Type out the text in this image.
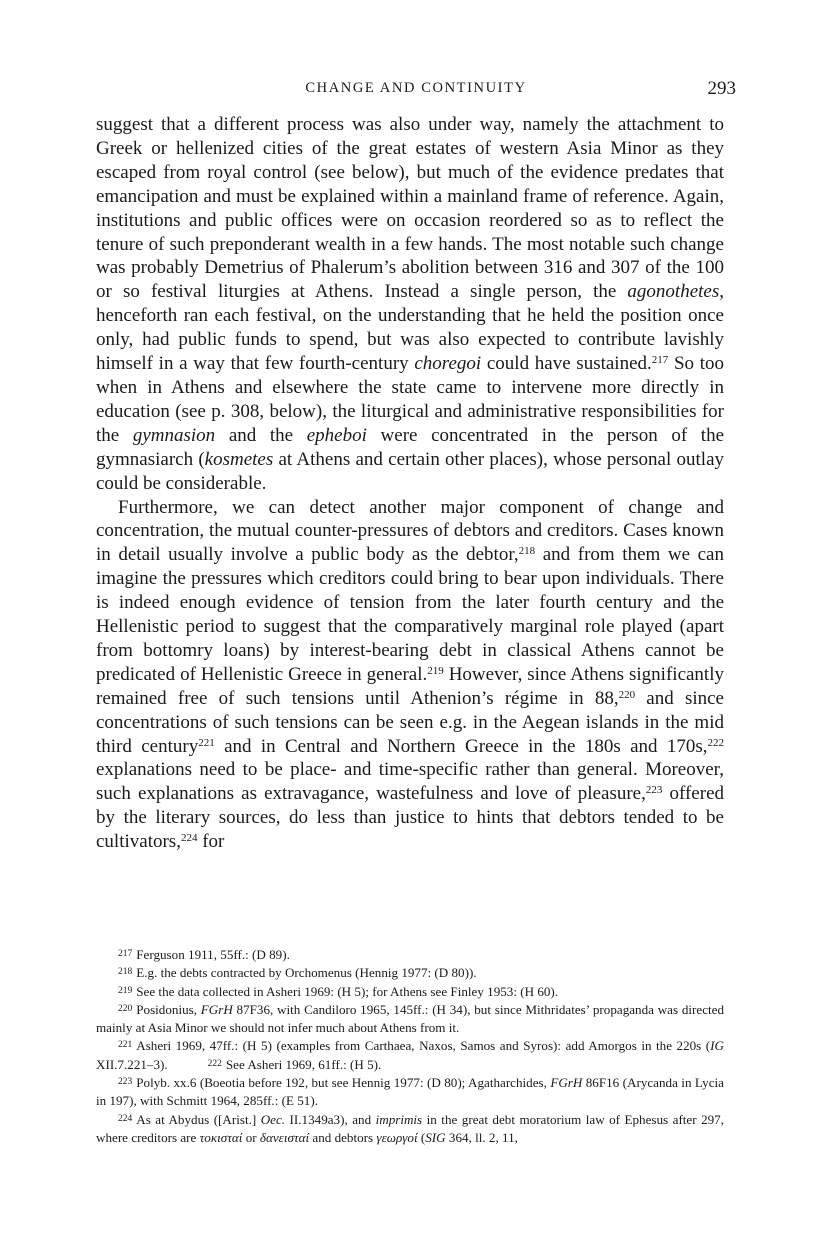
CHANGE AND CONTINUITY	293

suggest that a different process was also under way, namely the attachment to Greek or hellenized cities of the great estates of western Asia Minor as they escaped from royal control (see below), but much of the evidence predates that emancipation and must be explained within a mainland frame of reference. Again, institutions and public offices were on occasion reordered so as to reflect the tenure of such preponderant wealth in a few hands. The most notable such change was probably Demetrius of Phalerum’s abolition between 316 and 307 of the 100 or so festival liturgies at Athens. Instead a single person, the agonothetes, henceforth ran each festival, on the understanding that he held the position once only, had public funds to spend, but was also expected to contribute lavishly himself in a way that few fourth-century choregoi could have sustained.$^{217}$ So too when in Athens and elsewhere the state came to intervene more directly in education (see p. 308, below), the liturgical and administrative responsibilities for the gymnasion and the epheboi were concentrated in the person of the gymnasiarch (kosmetes at Athens and certain other places), whose personal outlay could be considerable.

Furthermore, we can detect another major component of change and concentration, the mutual counter-pressures of debtors and creditors. Cases known in detail usually involve a public body as the debtor,$^{218}$ and from them we can imagine the pressures which creditors could bring to bear upon individuals. There is indeed enough evidence of tension from the later fourth century and the Hellenistic period to suggest that the comparatively marginal role played (apart from bottomry loans) by interest-bearing debt in classical Athens cannot be predicated of Hellenistic Greece in general.$^{219}$ However, since Athens significantly remained free of such tensions until Athenion’s régime in 88,$^{220}$ and since concentrations of such tensions can be seen e.g. in the Aegean islands in the mid third century$^{221}$ and in Central and Northern Greece in the 180s and 170s,$^{222}$ explanations need to be place- and time-specific rather than general. Moreover, such explanations as extravagance, wastefulness and love of pleasure,$^{223}$ offered by the literary sources, do less than justice to hints that debtors tended to be cultivators,$^{224}$ for

$^{217}$ Ferguson 1911, 55ff.: (D 89).

$^{218}$ E.g. the debts contracted by Orchomenus (Hennig 1977: (D 80)).

$^{219}$ See the data collected in Asheri 1969: (H 5); for Athens see Finley 1953: (H 60).

$^{220}$ Posidonius, FGrH 87F36, with Candiloro 1965, 145ff.: (H 34), but since Mithridates’ propaganda was directed mainly at Asia Minor we should not infer much about Athens from it.

$^{221}$ Asheri 1969, 47ff.: (H 5) (examples from Carthaea, Naxos, Samos and Syros): add Amorgos in the 220s (IG XII.7.221–3).	$^{222}$ See Asheri 1969, 61ff.: (H 5).

$^{223}$ Polyb. xx.6 (Boeotia before 192, but see Hennig 1977: (D 80); Agatharchides, FGrH 86F16 (Arycanda in Lycia in 197), with Schmitt 1964, 285ff.: (E 51).

$^{224}$ As at Abydus ([Arist.] Oec. II.1349a3), and imprimis in the great debt moratorium law of Ephesus after 297, where creditors are τοκισταί or δανεισταί and debtors γεωργοί (SIG 364, ll. 2, 11,
